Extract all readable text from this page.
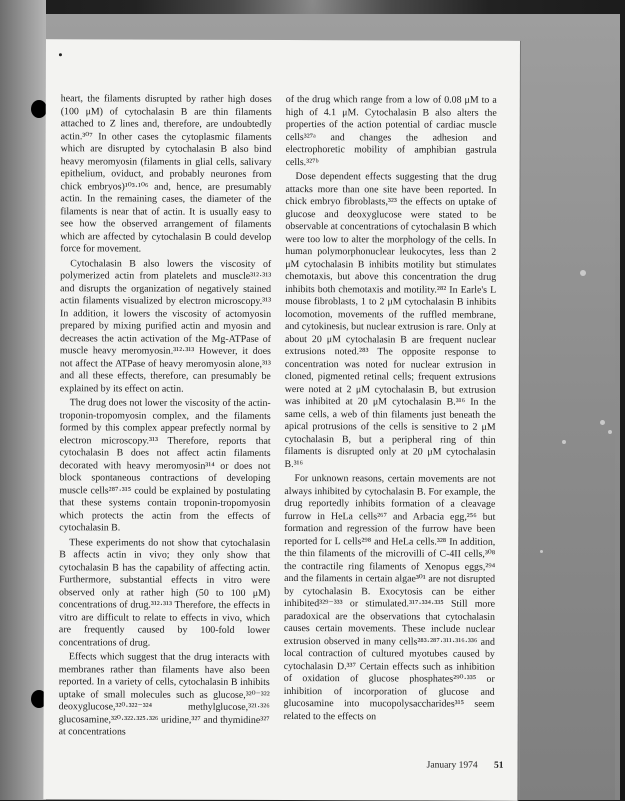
heart, the filaments disrupted by rather high doses (100 μM) of cytochalasin B are thin filaments attached to Z lines and, therefore, are undoubtedly actin.³⁰⁷ In other cases the cytoplasmic filaments which are disrupted by cytochalasin B also bind heavy meromyosin (filaments in glial cells, salivary epithelium, oviduct, and probably neurones from chick embryos)¹⁰³·¹⁰⁶ and, hence, are presumably actin. In the remaining cases, the diameter of the filaments is near that of actin. It is usually easy to see how the observed arrangement of filaments which are affected by cytochalasin B could develop force for movement.

Cytochalasin B also lowers the viscosity of polymerized actin from platelets and muscle³¹²·³¹³ and disrupts the organization of negatively stained actin filaments visualized by electron microscopy.³¹³ In addition, it lowers the viscosity of actomyosin prepared by mixing purified actin and myosin and decreases the actin activation of the Mg-ATPase of muscle heavy meromyosin.³¹²·³¹³ However, it does not affect the ATPase of heavy meromyosin alone,³¹³ and all these effects, therefore, can presumably be explained by its effect on actin.

The drug does not lower the viscosity of the actin-troponin-tropomyosin complex, and the filaments formed by this complex appear prefectly normal by electron microscopy.³¹³ Therefore, reports that cytochalasin B does not affect actin filaments decorated with heavy meromyosin³¹⁴ or does not block spontaneous contractions of developing muscle cells²⁸⁷·³¹⁵ could be explained by postulating that these systems contain troponin-tropomyosin which protects the actin from the effects of cytochalasin B.

These experiments do not show that cytochalasin B affects actin in vivo; they only show that cytochalasin B has the capability of affecting actin. Furthermore, substantial effects in vitro were observed only at rather high (50 to 100 μM) concentrations of drug.³¹²·³¹³ Therefore, the effects in vitro are difficult to relate to effects in vivo, which are frequently caused by 100-fold lower concentrations of drug.

Effects which suggest that the drug interacts with membranes rather than filaments have also been reported. In a variety of cells, cytochalasin B inhibits uptake of small molecules such as glucose,³²⁰⁻³²² deoxyglucose,³²⁰·³²²⁻³²⁴ methylglucose,³²¹·³²⁶ glucosamine,³²⁰·³²²·³²⁵·³²⁶ uridine,³²⁷ and thymidine³²⁷ at concentrations

of the drug which range from a low of 0.08 μM to a high of 4.1 μM. Cytochalasin B also alters the properties of the action potential of cardiac muscle cells³²⁷ᵃ and changes the adhesion and electrophoretic mobility of amphibian gastrula cells.³²⁷ᵇ

Dose dependent effects suggesting that the drug attacks more than one site have been reported. In chick embryo fibroblasts,³²³ the effects on uptake of glucose and deoxyglucose were stated to be observable at concentrations of cytochalasin B which were too low to alter the morphology of the cells. In human polymorphonuclear leukocytes, less than 2 μM cytochalasin B inhibits motility but stimulates chemotaxis, but above this concentration the drug inhibits both chemotaxis and motility.²⁸² In Earle's L mouse fibroblasts, 1 to 2 μM cytochalasin B inhibits locomotion, movements of the ruffled membrane, and cytokinesis, but nuclear extrusion is rare. Only at about 20 μM cytochalasin B are frequent nuclear extrusions noted.²⁸³ The opposite response to concentration was noted for nuclear extrusion in cloned, pigmented retinal cells; frequent extrusions were noted at 2 μM cytochalasin B, but extrusion was inhibited at 20 μM cytochalasin B.³¹⁶ In the same cells, a web of thin filaments just beneath the apical protrusions of the cells is sensitive to 2 μM cytochalasin B, but a peripheral ring of thin filaments is disrupted only at 20 μM cytochalasin B.³¹⁶

For unknown reasons, certain movements are not always inhibited by cytochalasin B. For example, the drug reportedly inhibits formation of a cleavage furrow in HeLa cells²⁶⁷ and Arbacia egg,²⁵⁶ but formation and regression of the furrow have been reported for L cells²⁹⁸ and HeLa cells.³²⁸ In addition, the thin filaments of the microvilli of C-4II cells,³⁰⁸ the contractile ring filaments of Xenopus eggs,²⁹⁴ and the filaments in certain algae³⁰¹ are not disrupted by cytochalasin B. Exocytosis can be either inhibited³²⁹⁻³³³ or stimulated.³¹⁷·³³⁴·³³⁵ Still more paradoxical are the observations that cytochalasin causes certain movements. These include nuclear extrusion observed in many cells²⁸³·²⁸⁷·³¹¹·³¹⁶·³³⁶ and local contraction of cultured myotubes caused by cytochalasin D.³³⁷ Certain effects such as inhibition of oxidation of glucose phosphates²⁹⁰·³³⁵ or inhibition of incorporation of glucose and glucosamine into mucopolysaccharides³¹⁵ seem related to the effects on

January 1974 51
